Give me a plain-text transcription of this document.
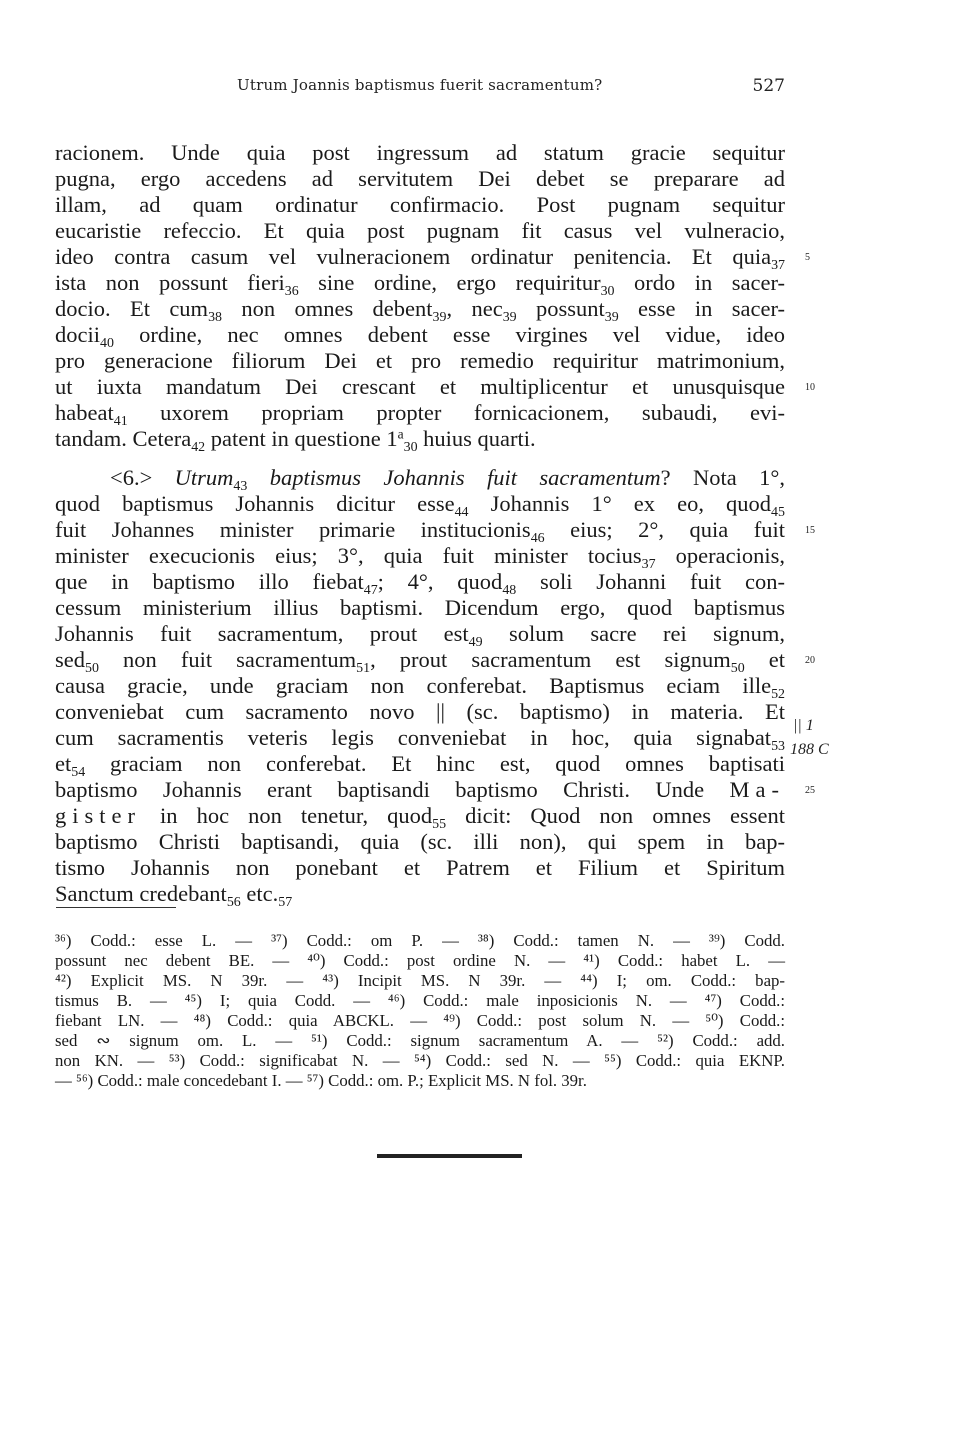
Utrum Joannis baptismus fuerit sacramentum?	527
racionem. Unde quia post ingressum ad statum gracie sequitur
pugna, ergo accedens ad servitutem Dei debet se preparare ad
illam, ad quam ordinatur confirmacio. Post pugnam sequitur
eucaristie refeccio. Et quia post pugnam fit casus vel vulneracio,
ideo contra casum vel vulneracionem ordinatur penitencia. Et quia$_{37}$
ista non possunt fieri$_{36}$ sine ordine, ergo requiritur$_{30}$ ordo in sacer-
docio. Et cum$_{38}$ non omnes debent$_{39}$, nec$_{39}$ possunt$_{39}$ esse in sacer-
docii$_{40}$ ordine, nec omnes debent esse virgines vel vidue, ideo
pro generacione filiorum Dei et pro remedio requiritur matrimonium,
ut iuxta mandatum Dei crescant et multiplicentur et unusquisque
habeat$_{41}$ uxorem propriam propter fornicacionem, subaudi, evi-
tandam. Cetera$_{42}$ patent in questione $1^a_{30}$ huius quarti.
<6.> Utrum$_{43}$ baptismus Johannis fuit sacramentum? Nota 1°,
quod baptismus Johannis dicitur esse$_{44}$ Johannis 1° ex eo, quod$_{45}$
fuit Johannes minister primarie institucionis$_{46}$ eius; 2°, quia fuit
minister execucionis eius; 3°, quia fuit minister tocius$_{37}$ operacionis,
que in baptismo illo fiebat$_{47}$; 4°, quod$_{48}$ soli Johanni fuit con-
cessum ministerium illius baptismi. Dicendum ergo, quod baptismus
Johannis fuit sacramentum, prout est$_{49}$ solum sacre rei signum,
sed$_{50}$ non fuit sacramentum$_{51}$, prout sacramentum est signum$_{50}$ et
causa gracie, unde graciam non conferebat. Baptismus eciam ille$_{52}$
conveniebat cum sacramento novo || (sc. baptismo) in materia. Et
cum sacramentis veteris legis conveniebat in hoc, quia signabat$_{53}$
$et_{54}$ graciam non conferebat. Et hinc est, quod omnes baptisati
baptismo Johannis erant baptisandi baptismo Christi. Unde Ma-
gister in hoc non tenetur, quod$_{55}$ dicit: Quod non omnes essent
baptismo Christi baptisandi, quia (sc. illi non), qui spem in bap-
tismo Johannis non ponebant et Patrem et Filium et Spiritum
Sanctum credebant$_{56}$ $etc._{57}$
5
10
15
20
25
|| 1
188 C
³⁶) Codd.: esse L. — ³⁷) Codd.: om P. — ³⁸) Codd.: tamen N. — ³⁹) Codd.
possunt nec debent BE. — ⁴⁰) Codd.: post ordine N. — ⁴¹) Codd.: habet L. —
⁴²) Explicit MS. N 39r. — ⁴³) Incipit MS. N 39r. — ⁴⁴) I; om. Codd.: bap-
tismus B. — ⁴⁵) I; quia Codd. — ⁴⁶) Codd.: male inposicionis N. — ⁴⁷) Codd.:
fiebant LN. — ⁴⁸) Codd.: quia ABCKL. — ⁴⁹) Codd.: post solum N. — ⁵⁰) Codd.:
sed ∾ signum om. L. — ⁵¹) Codd.: signum sacramentum A. — ⁵²) Codd.: add.
non KN. — ⁵³) Codd.: significabat N. — ⁵⁴) Codd.: sed N. — ⁵⁵) Codd.: quia EKNP.
— ⁵⁶) Codd.: male concedebant I. — ⁵⁷) Codd.: om. P.; Explicit MS. N fol. 39r.
